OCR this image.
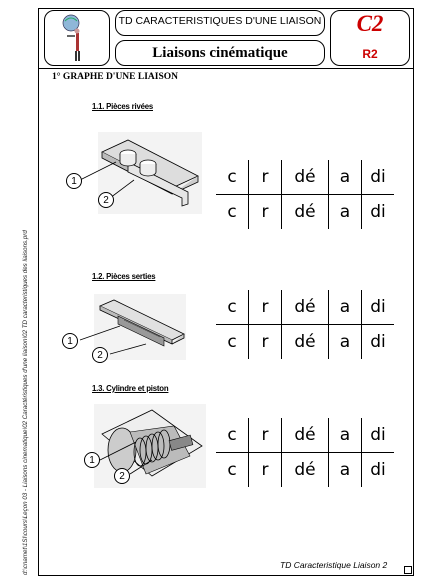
d:\cnamet\1SI\cours\Leçon 03 - Liaisons cinematique\02 Caractéristiques d'une liaison\02 TD caracteristiques des liaisons.prd
TD CARACTERISTIQUES D'UNE LIAISON
Liaisons cinématique
C2
R2
1° GRAPHE D'UNE LIAISON
1.1. Pièces rivées
1
2
c	r	dé	a	di
c	r	dé	a	di
1.2. Pièces serties
1
2
c	r	dé	a	di
c	r	dé	a	di
1.3. Cylindre et piston
1
2
c	r	dé	a	di
c	r	dé	a	di
TD Caracteristique Liaison 2
